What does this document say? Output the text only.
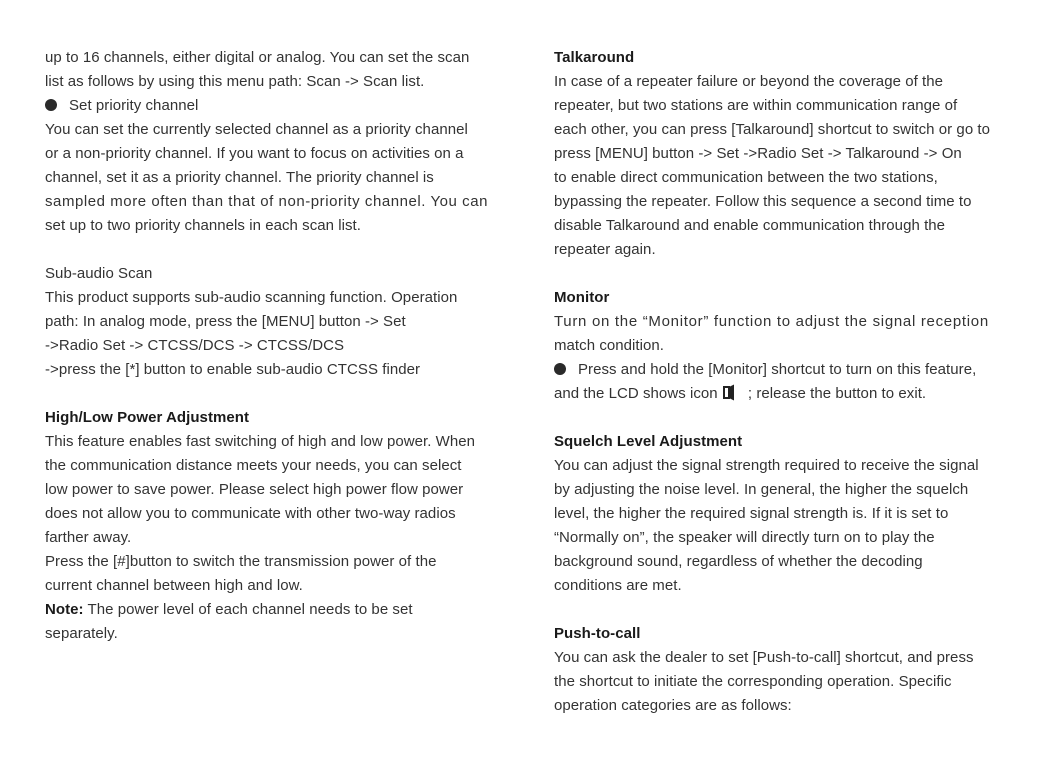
up to 16 channels, either digital or analog. You can set the scan
list as follows by using this menu path: Scan -> Scan list.
Set priority channel
You can set the currently selected channel as a priority channel
or a non-priority channel. If you want to focus on activities on a
channel, set it as a priority channel. The priority channel is
sampled more often than that of non-priority channel. You can
set up to two priority channels in each scan list.
Sub-audio Scan
This product supports sub-audio scanning function. Operation
path: In analog mode, press the [MENU] button -> Set
->Radio Set -> CTCSS/DCS -> CTCSS/DCS
->press the [*] button to enable sub-audio CTCSS finder
High/Low Power Adjustment
This feature enables fast switching of high and low power. When
the communication distance meets your needs, you can select
low power to save power. Please select high power flow power
does not allow you to communicate with other two-way radios
farther away.
Press the [#]button to switch the transmission power of the
current channel between high and low.
Note: The power level of each channel needs to be set
separately.
Talkaround
In case of a repeater failure or beyond the coverage of the
repeater, but two stations are within communication range of
each other, you can press [Talkaround] shortcut to switch or go to
press [MENU] button -> Set ->Radio Set -> Talkaround -> On
to enable direct communication between the two stations,
bypassing the repeater. Follow this sequence a second time to
disable Talkaround and enable communication through the
repeater again.
Monitor
Turn on the “Monitor” function to adjust the signal reception
match condition.
Press and hold the [Monitor] shortcut to turn on this feature,
and the LCD shows icon ; release the button to exit.
Squelch Level Adjustment
You can adjust the signal strength required to receive the signal
by adjusting the noise level. In general, the higher the squelch
level, the higher the required signal strength is. If it is set to
“Normally on”, the speaker will directly turn on to play the
background sound, regardless of whether the decoding
conditions are met.
Push-to-call
You can ask the dealer to set [Push-to-call] shortcut, and press
the shortcut to initiate the corresponding operation. Specific
operation categories are as follows:
